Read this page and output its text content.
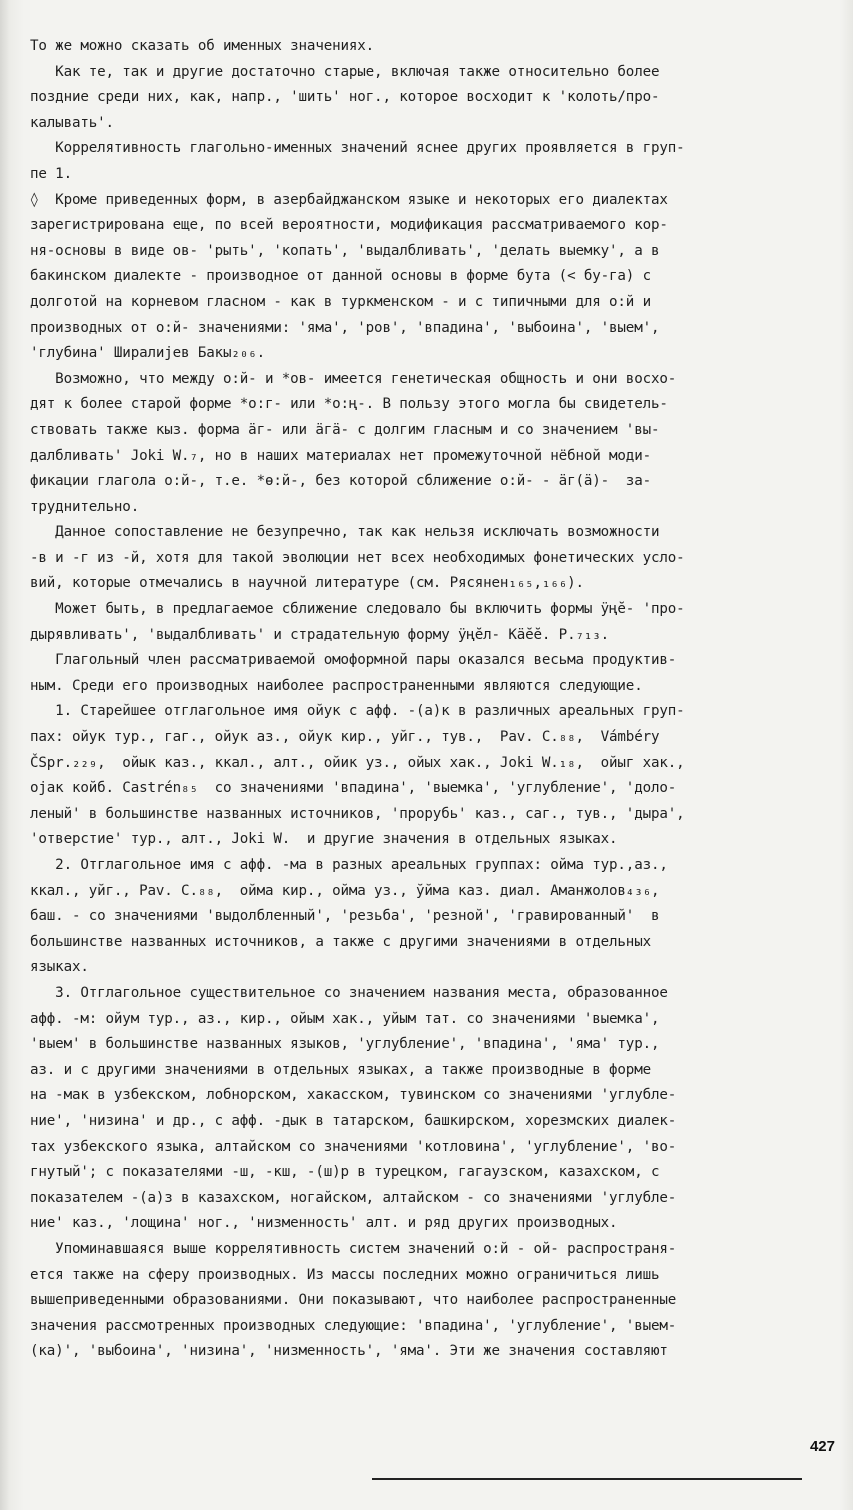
То же можно сказать об именных значениях.
Как те, так и другие достаточно старые, включая также относительно более
поздние среди них, как, напр., 'шить' ног., которое восходит к 'колоть/про-
калывать'.
Коррелятивность глагольно-именных значений яснее других проявляется в груп-
пе 1.
◊  Кроме приведенных форм, в азербайджанском языке и некоторых его диалектах
зарегистрирована еще, по всей вероятности, модификация рассматриваемого кор-
ня-основы в виде ов- 'рыть', 'копать', 'выдалбливать', 'делать выемку', а в
бакинском диалекте - производное от данной основы в форме бута (< бу-га) с
долготой на корневом гласном - как в туркменском - и с типичными для о:й и
производных от о:й- значениями: 'яма', 'ров', 'впадина', 'выбоина', 'выем',
'глубина' Ширалиjев Бакы₂₀₆.
Возможно, что между о:й- и *ов- имеется генетическая общность и они восхо-
дят к более старой форме *о:г- или *о:ң-. В пользу этого могла бы свидетель-
ствовать также кыз. форма ӓг- или ӓгӓ- с долгим гласным и со значением 'вы-
далбливать' Joki W.₇, но в наших материалах нет промежуточной нёбной моди-
фикации глагола о:й-, т.е. *ө:й-, без которой сближение о:й- - ӓг(ӓ)-  за-
труднительно.
Данное сопоставление не безупречно, так как нельзя исключать возможности
-в и -г из -й, хотя для такой эволюции нет всех необходимых фонетических усло-
вий, которые отмечались в научной литературе (см. Рясянен₁₆₅,₁₆₆).
Может быть, в предлагаемое сближение следовало бы включить формы ӱңӗ- 'про-
дырявливать', 'выдалбливать' и страдательную форму ӱңӗл- Кӓӗӗ. Р.₇₁₃.
Глагольный член рассматриваемой омоформной пары оказался весьма продуктив-
ным. Среди его производных наиболее распространенными являются следующие.
1. Старейшее отглагольное имя ойук с афф. -(а)к в различных ареальных груп-
пах: ойук тур., гаг., ойук аз., ойук кир., уйг., тув.,  Pav. C.₈₈,  Vámbéry
ČSpr.₂₂₉,  ойык каз., ккал., алт., ойик уз., ойых хак., Joki W.₁₈,  ойыг хак.,
ојак койб. Castrén₈₅  со значениями 'впадина', 'выемка', 'углубление', 'доло-
леный' в большинстве названных источников, 'прорубь' каз., саг., тув., 'дыра',
'отверстие' тур., алт., Joki W.  и другие значения в отдельных языках.
2. Отглагольное имя с афф. -ма в разных ареальных группах: ойма тур.,аз.,
ккал., уйг., Pav. C.₈₈,  ойма кир., ойма уз., ўйма каз. диал. Аманжолов₄₃₆,
баш. - со значениями 'выдолбленный', 'резьба', 'резной', 'гравированный'  в
большинстве названных источников, а также с другими значениями в отдельных
языках.
3. Отглагольное существительное со значением названия места, образованное
афф. -м: ойум тур., аз., кир., ойым хак., уйым тат. со значениями 'выемка',
'выем' в большинстве названных языков, 'углубление', 'впадина', 'яма' тур.,
аз. и с другими значениями в отдельных языках, а также производные в форме
на -мак в узбекском, лобнорском, хакасском, тувинском со значениями 'углубле-
ние', 'низина' и др., с афф. -дык в татарском, башкирском, хорезмских диалек-
тах узбекского языка, алтайском со значениями 'котловина', 'углубление', 'во-
гнутый'; с показателями -ш, -кш, -(ш)р в турецком, гагаузском, казахском, с
показателем -(а)з в казахском, ногайском, алтайском - со значениями 'углубле-
ние' каз., 'лощина' ног., 'низменность' алт. и ряд других производных.
Упоминавшаяся выше коррелятивность систем значений о:й - ой- распространя-
ется также на сферу производных. Из массы последних можно ограничиться лишь
вышеприведенными образованиями. Они показывают, что наиболее распространенные
значения рассмотренных производных следующие: 'впадина', 'углубление', 'выем-
(ка)', 'выбоина', 'низина', 'низменность', 'яма'. Эти же значения составляют
427
